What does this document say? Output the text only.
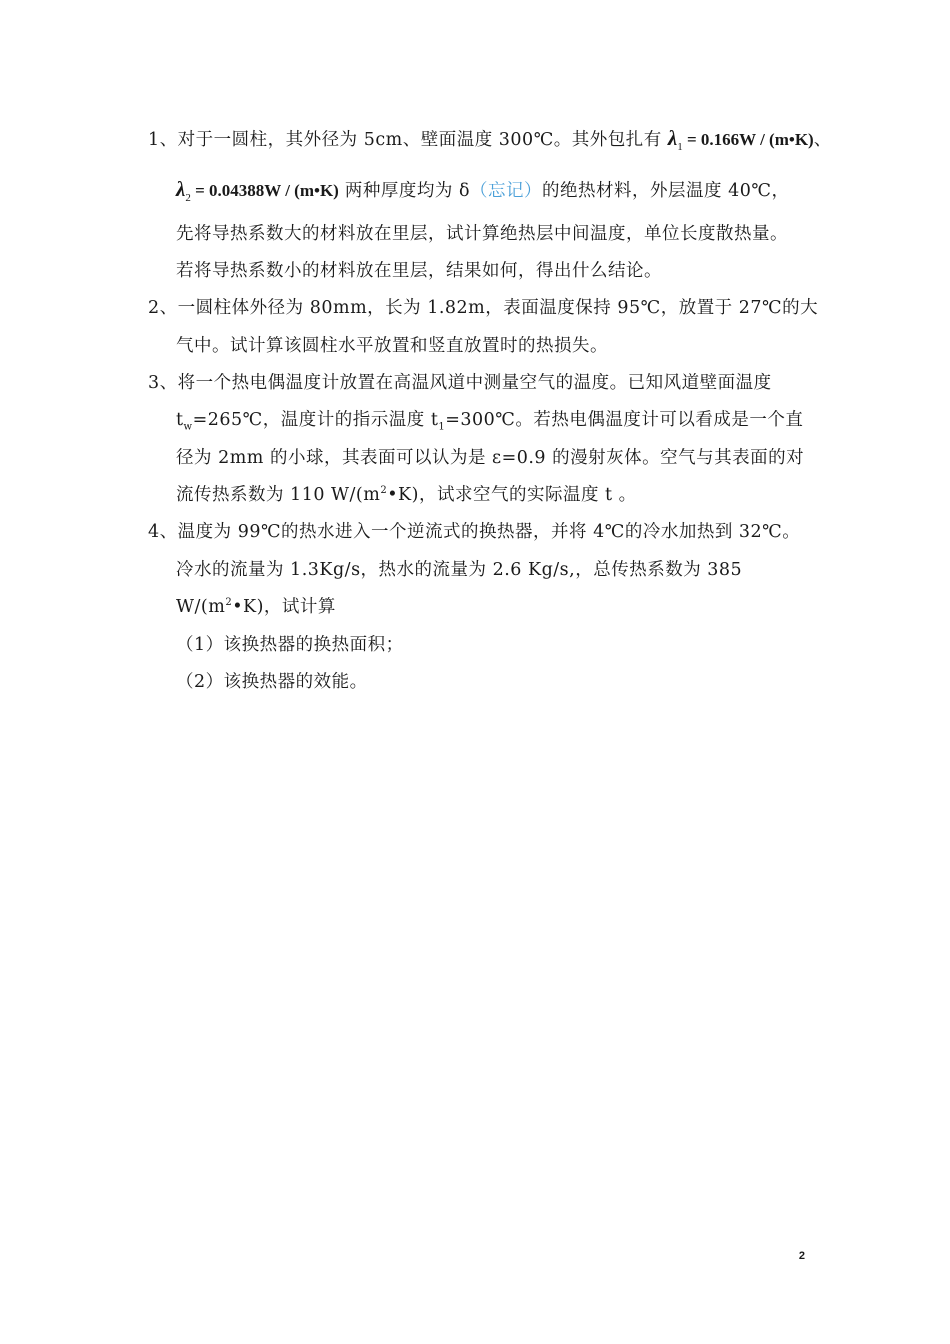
1、对于一圆柱，其外径为 5cm、壁面温度 300℃。其外包扎有 $\lambda_1 = 0.166W$ / (m•K)、
$\lambda_2 = 0.04388W$ / (m•K) 两种厚度均为 δ（忘记）的绝热材料，外层温度 40℃，
先将导热系数大的材料放在里层，试计算绝热层中间温度，单位长度散热量。
若将导热系数小的材料放在里层，结果如何，得出什么结论。
2、一圆柱体外径为 80mm，长为 1.82m，表面温度保持 95℃，放置于 27℃的大
气中。试计算该圆柱水平放置和竖直放置时的热损失。
3、将一个热电偶温度计放置在高温风道中测量空气的温度。已知风道壁面温度
$t_w=265℃$，温度计的指示温度 $t_1=300℃$。若热电偶温度计可以看成是一个直
径为 2mm 的小球，其表面可以认为是 ε=0.9 的漫射灰体。空气与其表面的对
流传热系数为 110 $W/(m^2•K)$，试求空气的实际温度 t 。
4、温度为 99℃的热水进入一个逆流式的换热器，并将 4℃的冷水加热到 32℃。
冷水的流量为 1.3Kg/s，热水的流量为 2.6 Kg/s,，总传热系数为 385
$W/(m^2•K)$，试计算
（1）该换热器的换热面积；
（2）该换热器的效能。
2
